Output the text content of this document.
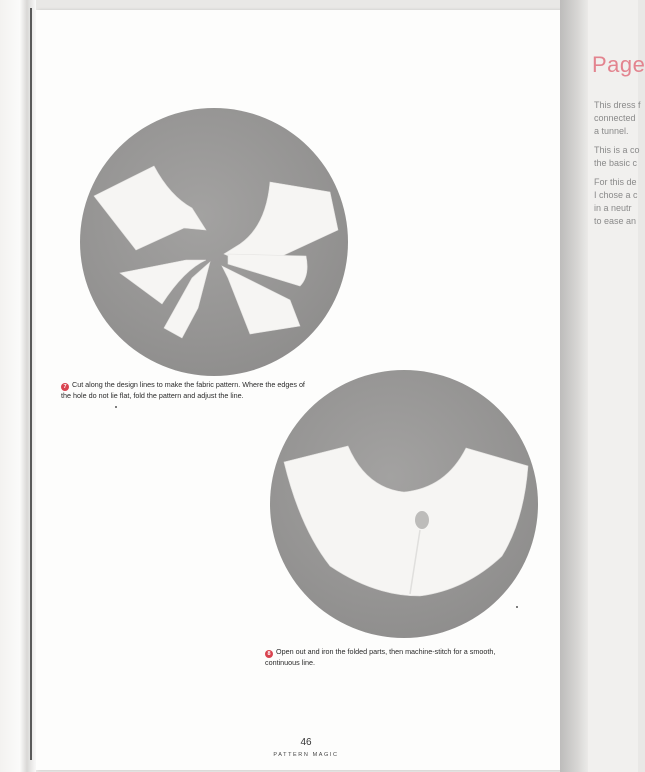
Page
This dress f
connected
a tunnel.
This is a co
the basic c
For this de
I chose a c
in a neutr
to ease an
7 Cut along the design lines to make the fabric pattern. Where the edges of the hole do not lie flat, fold the pattern and adjust the line.
8 Open out and iron the folded parts, then machine-stitch for a smooth, continuous line.
46
PATTERN MAGIC
